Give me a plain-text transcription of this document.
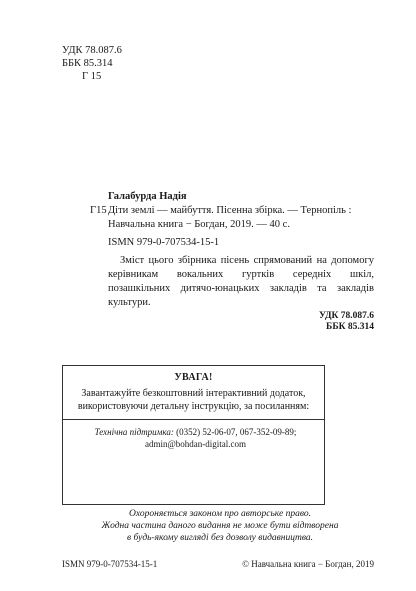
УДК 78.087.6
ББК 85.314
Г 15
Галабурда Надія
Г15 Діти землі — майбуття. Пісенна збірка. — Тернопіль : Навчальна книга − Богдан, 2019. — 40 с.
ISMN 979-0-707534-15-1
Зміст цього збірника пісень спрямований на допомогу керівникам вокальних гуртків середніх шкіл, позашкільних дитячо-юнацьких закладів та закладів культури.
УДК 78.087.6
ББК 85.314
УВАГА!
Завантажуйте безкоштовний інтерактивний додаток,
використовуючи детальну інструкцію, за посиланням:
Технічна підтримка: (0352) 52-06-07, 067-352-09-89;
admin@bohdan-digital.com
Охороняється законом про авторське право.
Жодна частина даного видання не може бути відтворена
в будь-якому вигляді без дозволу видавництва.
ISMN 979-0-707534-15-1	© Навчальна книга − Богдан, 2019
